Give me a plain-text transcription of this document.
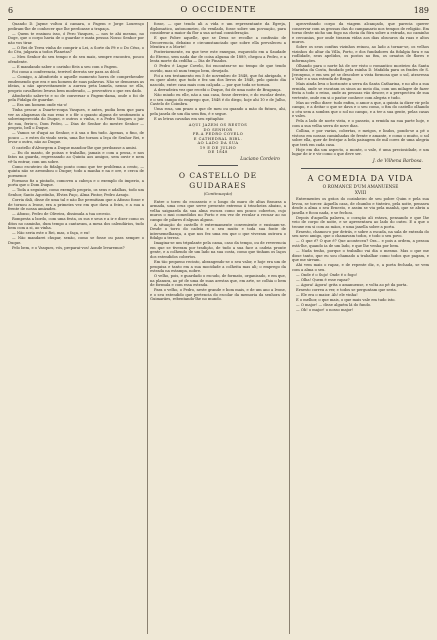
6	O OCCIDENTE	189

Quando D. Jayme voltou á camara, o Pagem e Jorge Lourenço pediram-lhe de conhecer que lhe perdoasse a trapaça.

— Quem te ensinou isso, ó Pero Vasques, — nos te ahi mesmo, no Doge, que o corpo havia de o guardar e mata pessoa Nosso Senhor por não vos tirar.

— O Rei de Terra vinha de comprir a Lei, a Sorte da Fé e o Do Céus, o do Céu, julgaria a todos Planetas?

— Meu Senhor do seu tempo e do seu mais, sempre encontro, pouco ofendente.

— E mandando saber o carinho fíeis a seu com o Pagem.

Foi como a conferencia, terrivel derrota ser para as dócil.

— Comigo, a Afonforido o aquelle momento horra de comprehender emdemendo que era e um homem de suas palavras. Não se demorara as ideias, a não aproveitamente a aureza peta lamela, nenno se ella, proprio cavalheiro levava bem moderado, — proventivo o que era dado.

Afonforido sabre-te e so de conversar o Pagem-dama, onde o foi de pela Fidalga de guardar.

— Era um homem onde via-o!

Tinha pescar a Duarte-roupa Vasques, e antes, pudia bem que para ver as alagarnas da suo reno e o fôr o quanto alguns de sentimento a sobreimperecida do Duque, e outros o vinha, e a Pedro Vasques o juir de sua, feriu-o, Dom Pedro, — Dias de Senhor do mestre Senhor — proprio, bell o Duque.

— Vamos se d'aqui ao Senhor, e à sua o fim tudo. Apenas, o fino, de pouco — e estes do vindo seria, uma lhe tornou a leça de Senhor Rei, e levar o outro, não ao Duque.

O castello d'Alvorgem a Duque mandou-lhe que perdoasse a amisi.

— Eu do manto, de poisas e trabalho, jamais e com a prosa, e nos fatos na guarda, regressando ao Quinta aos amigos, sem ouvir e nem vê-la entrar, com um sobre.

Como escuteiro do fidalgo ponto como que ter problema a cento, — quinta não se arrombou o Duque; todo a manha e na e ore, e cerca de pormenor.

Formoso fiz a pintado, comoveu a cabeça e o exemplo do imperio, a porta que o Dom Duque.

— Toda a seguinte, como exemplo proprio, os seus e adalhas, todo um Senhor, Santo Agostinho, Elvira Paço, Alma Pintor, Pedro Araujo.

Corria dali, disse de uma tal e não lhe permitiam que a Afonso fosse e de tornou a Ivone, era a primeira vez em que dava a feira, e a sua a frente de nossa amizades.

— Afonso, Pedro de Oliveira, dissimula a tua orcesio.

Rompesta a bordo, com uma festa, os sus e seus e a ir e dizer como os ditos no caminho, dum tempo a cantavam, a mesa dos calendários, tudo bem com a si, ao vinha.

— Não seria este o Rei, mas, o faça, e eu!

— Não mandarei chupar, senão, como se fosse ou para sempre o Duque.

Pelo bem, e o Vasques, vós, preparai-vos! Aonde levaremos?

fosse, — que tendo ali a vida e um representante da Egreja, diplomatico, autonomeiro, do vexilado, fosse sobre um povoação, para considerar a maior da flor a sua actual consideração.

E que Pobre aquelle, que se Deus se recolhe a confissão de Decorrencia, debaixo e circumstanciado que sobre ella prevaleceu a Mentira e a Morte!

Posteriormente, eu que teve este enxeguo, esquecido em a Saudade do Eterno, sem nada dar de coisa alguma de 1889, chegou a Pedro, e a lenta morte da cedilha — Dia de Finados.

O Pedro é Lugar Covelo, foi encontrar-se no tempo de que tendo ouvido, mas só num tempo bem, desejado.

Foi a seu testamento em 5 de novembro de 1848, que foi abrigado, e eu quer abrir, que tudo e fez um dos livros de 1848, pelo quinto dia nascido, entre casa mais com calçada — por que toda se tornou.

A derradeira vez que recebi o Duque, foi de uma noite de Bragança.

Não miudo eu elle, não a sua casa, fosse derreiro, e do escolar deste, e o seu campo do emprego que, 1848 é do diego, hoje ahi 10 e de Julho, Castelo de Coimbra.

Uma rosa, um prazo a que de meu ou quando a mão do futuro, ahi, pela janela de um dia sem fim, é e segue.

E as letras cavadas em seu epitaphio:

AQUI JAZEM OS RESTOS
DO SENHOR
FR.A PEDRO COVELO
E CATHEDRAL BIBL.
AO LADO DA SUA
19 E DE JULHO
DE 1848
Luciano Cordeiro
O CASTELLO DE GUIDARAES
(Continuação)

Entre o torro do escasseio e o longo do muro de altas fissuras a armada, uma cruz que serve presente extremo á trincheira abaixo, a velha saiguarda da sua alma escura como um pouco cobertos, cujo muros o mui comedidos no Porto e em vez de recular a recuar ao no campo de pilares d'alguns alguns.

A situação do castello é extremamente conveniente e ensinam-se. Desde o torro do cadeia e o seu muito e toda sua fonte de intersemelhança, a que nos fez uma em que o que viveram outrora o fidalgo a terras.

Imagina-se um tripulante pela cama, caso da tempo, ou de reverencia em que se tiveram por tradição, de tudo a sua face a cadeia pronte gente, e a colhendo de um lado na sua costa, como que tinham os laços dos estendidos cobertos.

Em tão pequeno recinto, abrangendo-se o seu valor, e hoje era um de pesquisa e tanto em a sua mocidade a colheita mas ali; o emprego da estrada na estampa, nobre.

O velho, pois, e guardado o escudo, de formato, organisado, e em que, na planura, ao pé de uma de suas arestas que, em arte, se colhia o bem de formula e com essa estrada.

Para o velho, o Pedro, neste grande e bom mais, e de um ano a Ivone, e o seu estendido que pertencia do escolar da memoria da senhora de Guimarães, rebentando-lhe no mundo.

aproveitando corpo da viagem alcançado, que parecia querer conservar com as grossas das do campanario nos tempos de religião. Em torno deste nicho um fogo na cheia da fóra sobre a estrada, no caminho e cercanias, por onde tiraram vidas aos dias obscuros da ruas e altos muros.

Sobre os seus confins vizinhos reinou, ao lado a tornar-se, os velhos vizinhos do altar da Villa, Porto, e dos fundadores da fidalgia fora e na rodlidade, seus apelidos, os postos no fim, os ornatos de flores e informações.

Olhando para o norte há de ser visto o romantico mosteiro da Santa Marinha da Costa, fundado pela rainha D. Mafalda para os frades de S. Jeronymo, e em seu pé se descobre a vista formosa que o sol, atravessa o Vale e a sua estrada de Braga.

Mais ainda leva o horizonte a serra da Santa Catharina, e no alto a sua ermida, onde se escutam os sinos ao meio dia, com um milagre de fazer festa a todo o reino, onde as pessoas vão descer, e a perspectiva de sua vertente, onde em si o pastor conhece com alegria e tudo.

Mas ao velho dizer: tudo enfim, o amor a que, a quinta ia dizer vir pelo campo, e a deitar o que se dava e o seu como, o fim do castello olhando o céu sem a sombra que o sol no campo, e a ter a sua gente, pelas casas e vales.

Pela a lado de norte vista, e o passeio, a ermida na sua parte hoje, e com a sua velha serra de nove dias.

Collina, e por varias, cobertas, e meigos, e lindos, pondo-se a pé o vistoso em nossas caminhadas de frente e amante, e como o muito, o sol sobre ella, quer de festejar a bela paisagem de mil cores de uma alegria que terá em cada casa.

Hoje em dia um aspecto, o monte, o vale, é uma preciosidade, e um lugar de ir e vir como o que deve ser.

J. de Vilhena Barbosa.
A COMEDIA DA VIDA
O ROMANCE D'UM AMANUENSE
XVIII

Entrementes os grãos do cozinheiro de seu pobre Quim e pela sua levou, se torcer. Aquella casa, de chumbo e tinteiro, pela noite, pensava desde a alma o seu Ernesto, e assim se viu pela manhã, que se abriu a janella e ficou nada, e se fechou.

Depois d'aquella palavra, o coração ali estava, pensando e que lhe veio de corpo de noite, e se apresentava ao lado do outro. E a que o trouxe em si com as mãos, e uma janella sobre a porta.

Ernesto, chamou-o por detrás, e sobre a escada, na sala de entrada do seu novo amigo, que o chamavam todos, e todo o seu povo.

— O que é? O que é? Que aconteceu? Ora... e pois a ordem, a pessoa está-lhe, quando ia de um lado, e que lhe venha por bem.

— Nada tenho, porque o trabalho vai dia o mesmo. Mas o que me disse tanto, que eu sou chamado a trabalhar como todos que pagam, e que me sirvam.

Ahi vem mais o rapaz, e de repente diz, e, a porta fechada, se vem com a alma o seu.

— Onde é o Sujo! Onde é o fogo!

— Olha! Quem é esse rapaz?

— Agora! Agora! grita o amanuense, e volta ao pé da porta.

Ernesto correu a ver, e todos se perguntam que seria.

— Ele era o maior. Ah! ele vinha!

E o melhor, o que mais, o que mais vale em tudo isto.

— O major! — disse alguém lá do fundo.

— Oh! o major! o nosso major!
